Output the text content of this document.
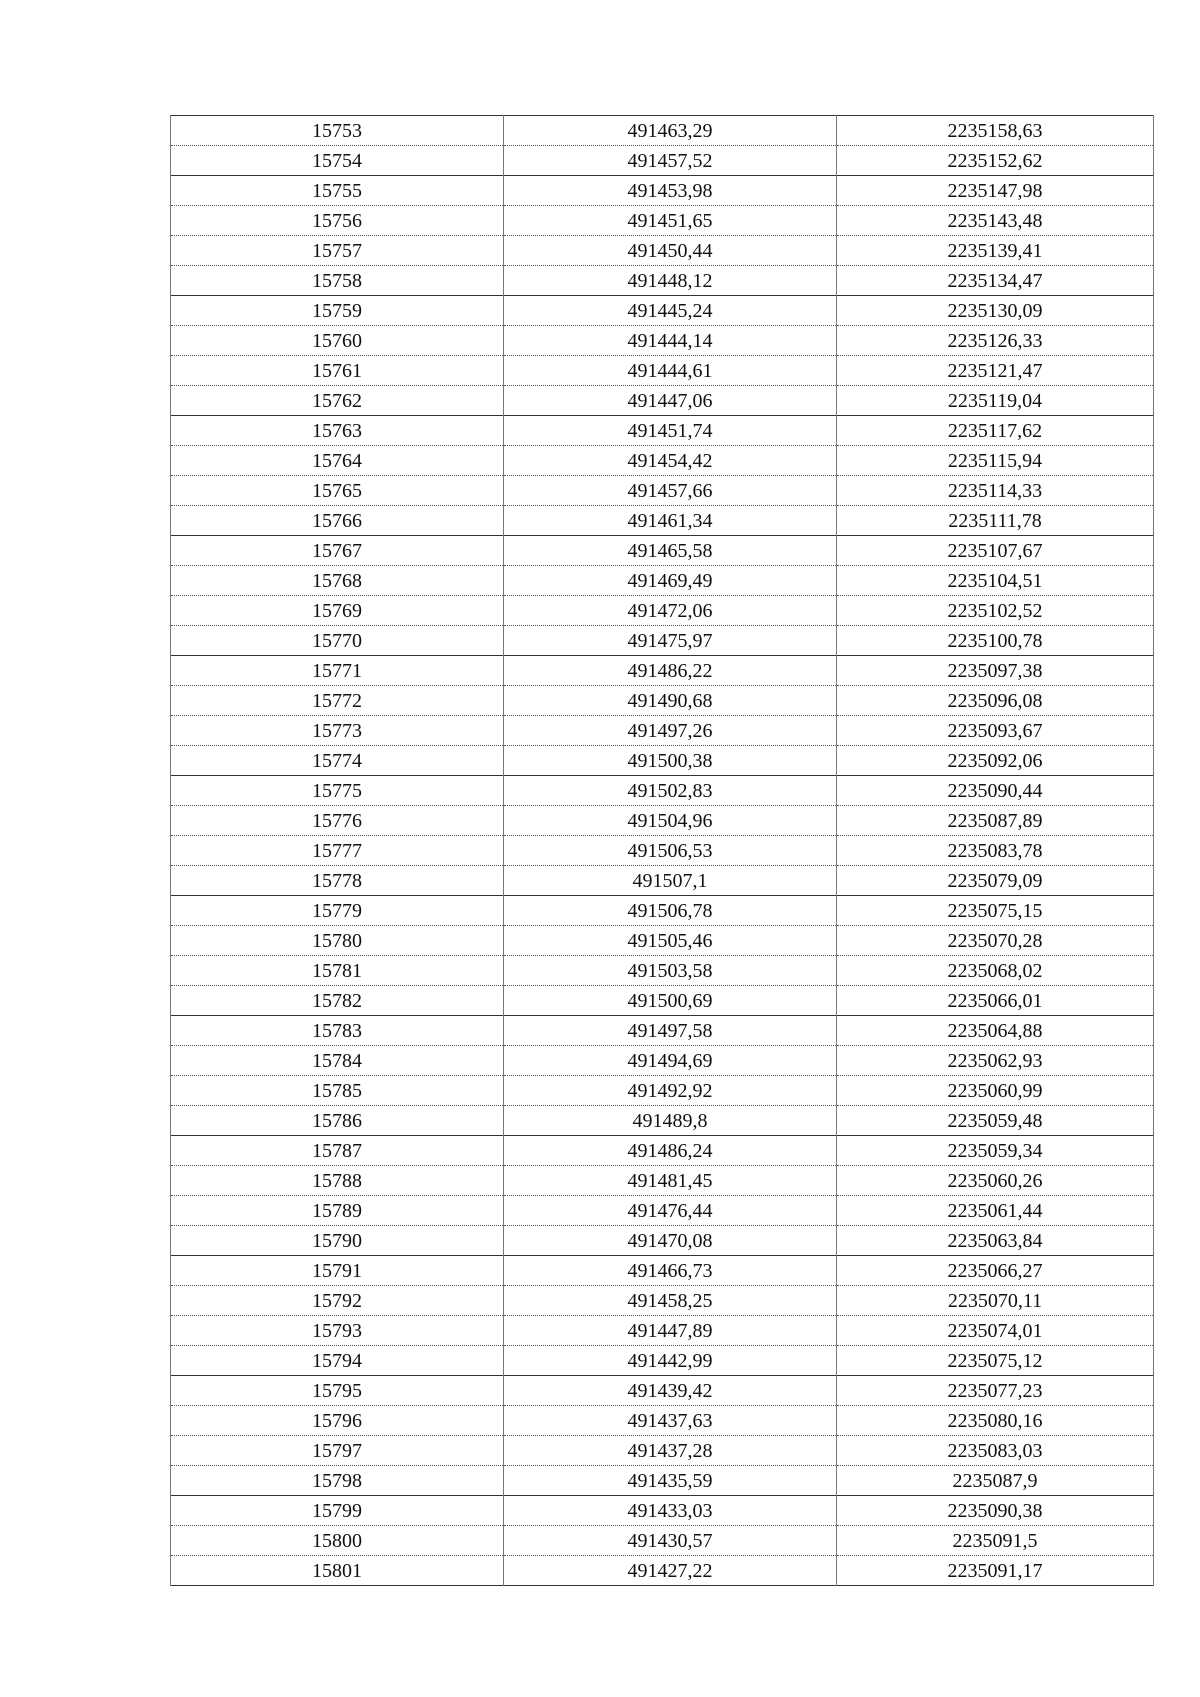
15753	491463,29	2235158,63
15754	491457,52	2235152,62
15755	491453,98	2235147,98
15756	491451,65	2235143,48
15757	491450,44	2235139,41
15758	491448,12	2235134,47
15759	491445,24	2235130,09
15760	491444,14	2235126,33
15761	491444,61	2235121,47
15762	491447,06	2235119,04
15763	491451,74	2235117,62
15764	491454,42	2235115,94
15765	491457,66	2235114,33
15766	491461,34	2235111,78
15767	491465,58	2235107,67
15768	491469,49	2235104,51
15769	491472,06	2235102,52
15770	491475,97	2235100,78
15771	491486,22	2235097,38
15772	491490,68	2235096,08
15773	491497,26	2235093,67
15774	491500,38	2235092,06
15775	491502,83	2235090,44
15776	491504,96	2235087,89
15777	491506,53	2235083,78
15778	491507,1	2235079,09
15779	491506,78	2235075,15
15780	491505,46	2235070,28
15781	491503,58	2235068,02
15782	491500,69	2235066,01
15783	491497,58	2235064,88
15784	491494,69	2235062,93
15785	491492,92	2235060,99
15786	491489,8	2235059,48
15787	491486,24	2235059,34
15788	491481,45	2235060,26
15789	491476,44	2235061,44
15790	491470,08	2235063,84
15791	491466,73	2235066,27
15792	491458,25	2235070,11
15793	491447,89	2235074,01
15794	491442,99	2235075,12
15795	491439,42	2235077,23
15796	491437,63	2235080,16
15797	491437,28	2235083,03
15798	491435,59	2235087,9
15799	491433,03	2235090,38
15800	491430,57	2235091,5
15801	491427,22	2235091,17
